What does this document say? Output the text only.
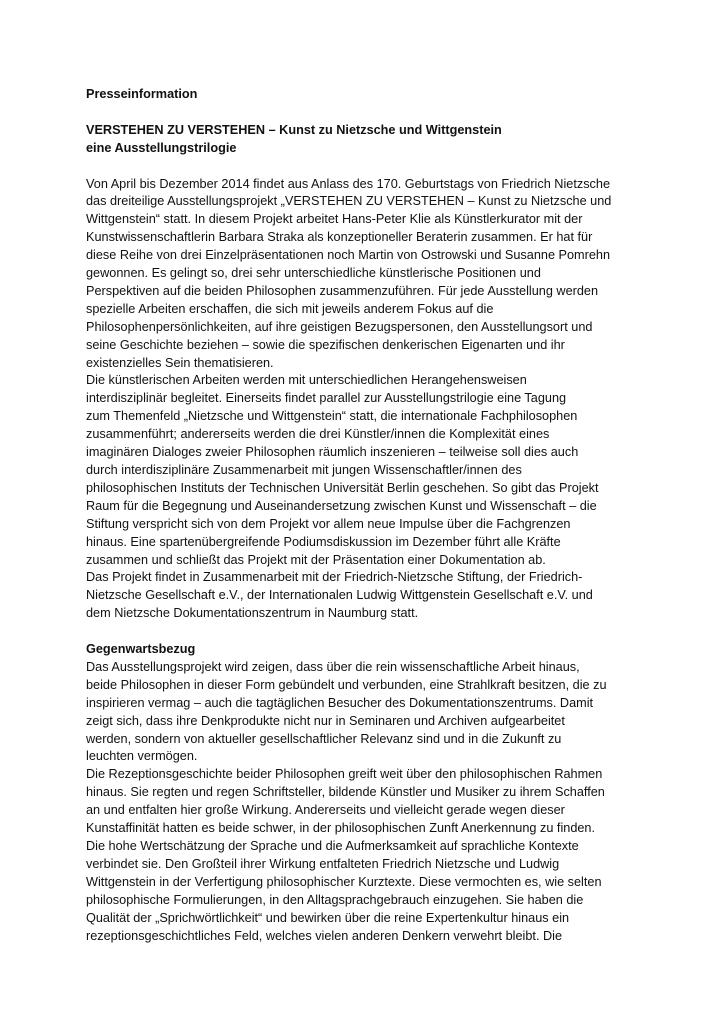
Presseinformation
VERSTEHEN ZU VERSTEHEN – Kunst zu Nietzsche und Wittgenstein
eine Ausstellungstrilogie
Von April bis Dezember 2014 findet aus Anlass des 170. Geburtstags von Friedrich Nietzsche
das dreiteilige Ausstellungsprojekt „VERSTEHEN ZU VERSTEHEN – Kunst zu Nietzsche und
Wittgenstein“ statt. In diesem Projekt arbeitet Hans-Peter Klie als Künstlerkurator mit der
Kunstwissenschaftlerin Barbara Straka als konzeptioneller Beraterin zusammen. Er hat für
diese Reihe von drei Einzelpräsentationen noch Martin von Ostrowski und Susanne Pomrehn
gewonnen. Es gelingt so, drei sehr unterschiedliche künstlerische Positionen und
Perspektiven auf die beiden Philosophen zusammenzuführen. Für jede Ausstellung werden
spezielle Arbeiten erschaffen, die sich mit jeweils anderem Fokus auf die
Philosophenpersönlichkeiten, auf ihre geistigen Bezugspersonen, den Ausstellungsort und
seine Geschichte beziehen – sowie die spezifischen denkerischen Eigenarten und ihr
existenzielles Sein thematisieren.
Die künstlerischen Arbeiten werden mit unterschiedlichen Herangehensweisen
interdisziplinär begleitet. Einerseits findet parallel zur Ausstellungstrilogie eine Tagung
zum Themenfeld „Nietzsche und Wittgenstein“ statt, die internationale Fachphilosophen
zusammenführt; andererseits werden die drei Künstler/innen die Komplexität eines
imaginären Dialoges zweier Philosophen räumlich inszenieren – teilweise soll dies auch
durch interdisziplinäre Zusammenarbeit mit jungen Wissenschaftler/innen des
philosophischen Instituts der Technischen Universität Berlin geschehen. So gibt das Projekt
Raum für die Begegnung und Auseinandersetzung zwischen Kunst und Wissenschaft – die
Stiftung verspricht sich von dem Projekt vor allem neue Impulse über die Fachgrenzen
hinaus. Eine spartenübergreifende Podiumsdiskussion im Dezember führt alle Kräfte
zusammen und schließt das Projekt mit der Präsentation einer Dokumentation ab.
Das Projekt findet in Zusammenarbeit mit der Friedrich-Nietzsche Stiftung, der Friedrich-
Nietzsche Gesellschaft e.V., der Internationalen Ludwig Wittgenstein Gesellschaft e.V. und
dem Nietzsche Dokumentationszentrum in Naumburg statt.
Gegenwartsbezug
Das Ausstellungsprojekt wird zeigen, dass über die rein wissenschaftliche Arbeit hinaus,
beide Philosophen in dieser Form gebündelt und verbunden, eine Strahlkraft besitzen, die zu
inspirieren vermag – auch die tagtäglichen Besucher des Dokumentationszentrums. Damit
zeigt sich, dass ihre Denkprodukte nicht nur in Seminaren und Archiven aufgearbeitet
werden, sondern von aktueller gesellschaftlicher Relevanz sind und in die Zukunft zu
leuchten vermögen.
Die Rezeptionsgeschichte beider Philosophen greift weit über den philosophischen Rahmen
hinaus. Sie regten und regen Schriftsteller, bildende Künstler und Musiker zu ihrem Schaffen
an und entfalten hier große Wirkung. Andererseits und vielleicht gerade wegen dieser
Kunstaffinität hatten es beide schwer, in der philosophischen Zunft Anerkennung zu finden.
Die hohe Wertschätzung der Sprache und die Aufmerksamkeit auf sprachliche Kontexte
verbindet sie. Den Großteil ihrer Wirkung entfalteten Friedrich Nietzsche und Ludwig
Wittgenstein in der Verfertigung philosophischer Kurztexte. Diese vermochten es, wie selten
philosophische Formulierungen, in den Alltagsprachgebrauch einzugehen. Sie haben die
Qualität der „Sprichwörtlichkeit“ und bewirken über die reine Expertenkultur hinaus ein
rezeptionsgeschichtliches Feld, welches vielen anderen Denkern verwehrt bleibt. Die
